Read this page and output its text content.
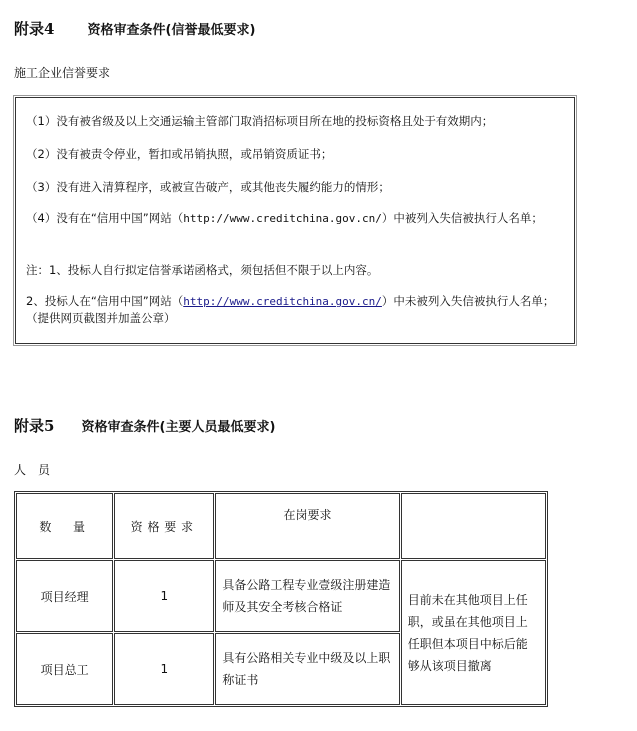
附录4	资格审查条件(信誉最低要求)
施工企业信誉要求
（1）没有被省级及以上交通运输主管部门取消招标项目所在地的投标资格且处于有效期内；
（2）没有被责令停业，暂扣或吊销执照，或吊销资质证书；
（3）没有进入清算程序，或被宣告破产，或其他丧失履约能力的情形；
（4）没有在“信用中国”网站（http://www.creditchina.gov.cn/）中被列入失信被执行人名单；
注：1、投标人自行拟定信誉承诺函格式，须包括但不限于以上内容。
2、投标人在“信用中国”网站（http://www.creditchina.gov.cn/）中未被列入失信被执行人名单；（提供网页截图并加盖公章）
附录5 资格审查条件(主要人员最低要求)
人　员
数　量	资格要求	在岗要求	
项目经理	1	具备公路工程专业壹级注册建造师及其安全考核合格证	目前未在其他项目上任职，或虽在其他项目上任职但本项目中标后能够从该项目撤离
项目总工	1	具有公路相关专业中级及以上职称证书	
